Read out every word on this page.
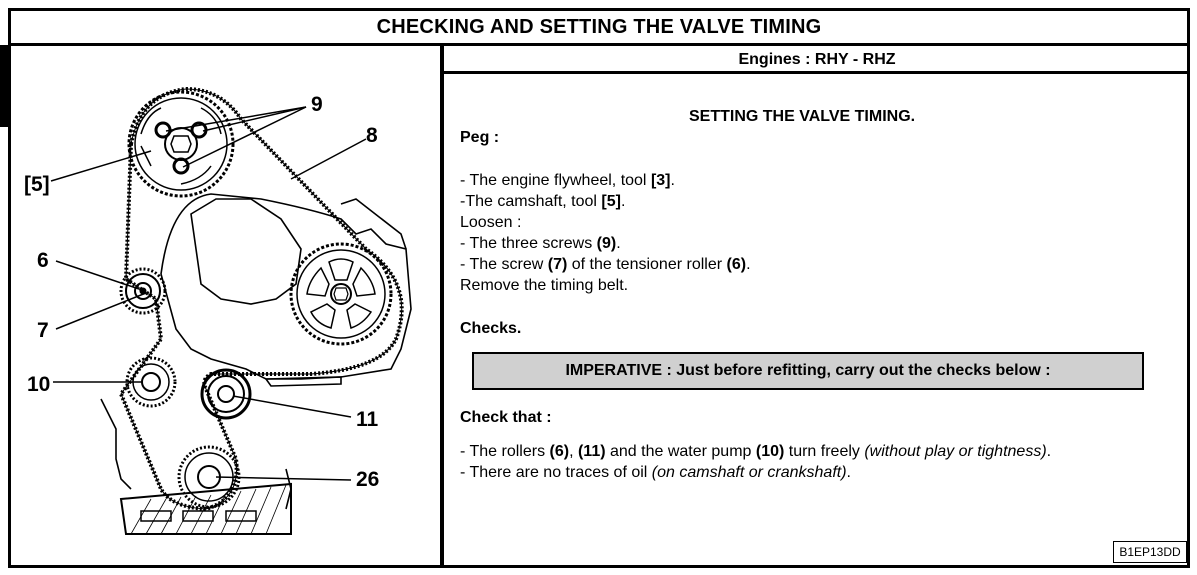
CHECKING AND SETTING THE VALVE TIMING
Engines : RHY - RHZ
9
8
[5]
6
7
10
11
26
SETTING THE VALVE TIMING.
Peg :
- The engine flywheel, tool [3].
-The camshaft, tool [5].
Loosen :
- The three screws (9).
- The screw (7) of the tensioner roller (6).
Remove the timing belt.
Checks.
Check that :
- The rollers (6), (11) and the water pump (10) turn freely (without play or tightness).
- There are no traces of oil (on camshaft or crankshaft).
IMPERATIVE : Just before refitting, carry out the checks below :
B1EP13DD
